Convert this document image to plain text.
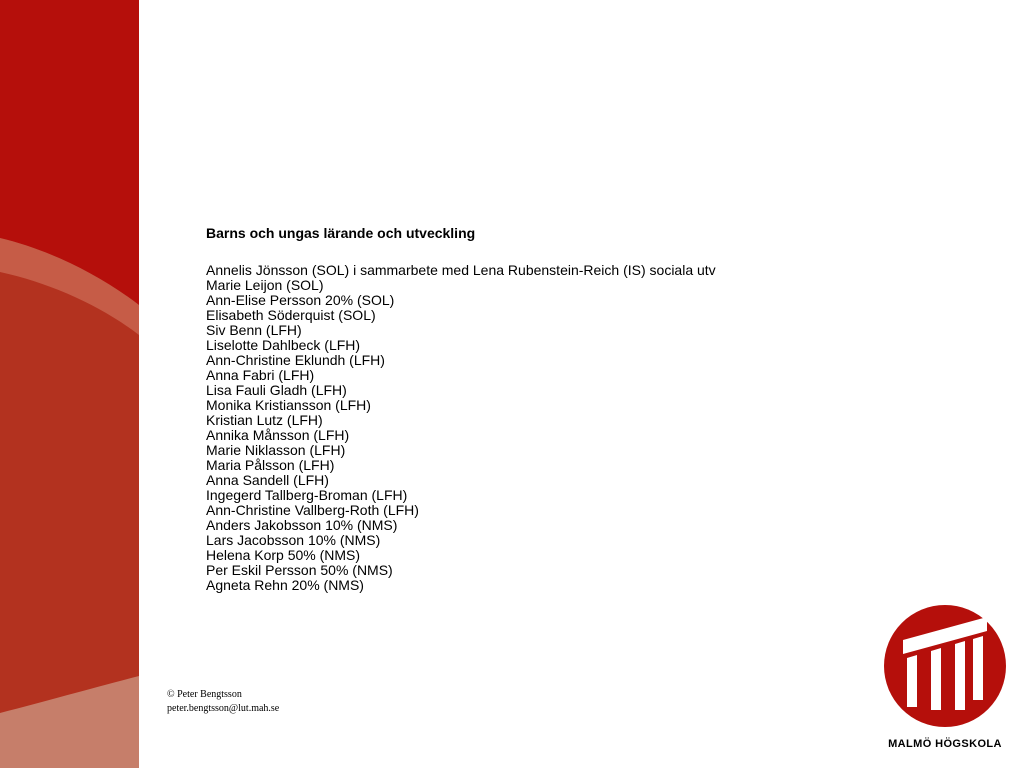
Barns och ungas lärande och utveckling
Annelis Jönsson (SOL) i sammarbete med Lena Rubenstein-Reich (IS) sociala utv
Marie Leijon (SOL)
Ann-Elise Persson 20% (SOL)
Elisabeth Söderquist (SOL)
Siv Benn (LFH)
Liselotte Dahlbeck (LFH)
Ann-Christine Eklundh (LFH)
Anna Fabri (LFH)
Lisa Fauli Gladh (LFH)
Monika Kristiansson (LFH)
Kristian Lutz (LFH)
Annika Månsson (LFH)
Marie Niklasson (LFH)
Maria Pålsson (LFH)
Anna Sandell (LFH)
Ingegerd Tallberg-Broman (LFH)
Ann-Christine Vallberg-Roth (LFH)
Anders Jakobsson 10% (NMS)
Lars Jacobsson 10% (NMS)
Helena Korp 50% (NMS)
Per Eskil Persson 50% (NMS)
Agneta Rehn 20% (NMS)
© Peter Bengtsson
peter.bengtsson@lut.mah.se
MALMÖ HÖGSKOLA
